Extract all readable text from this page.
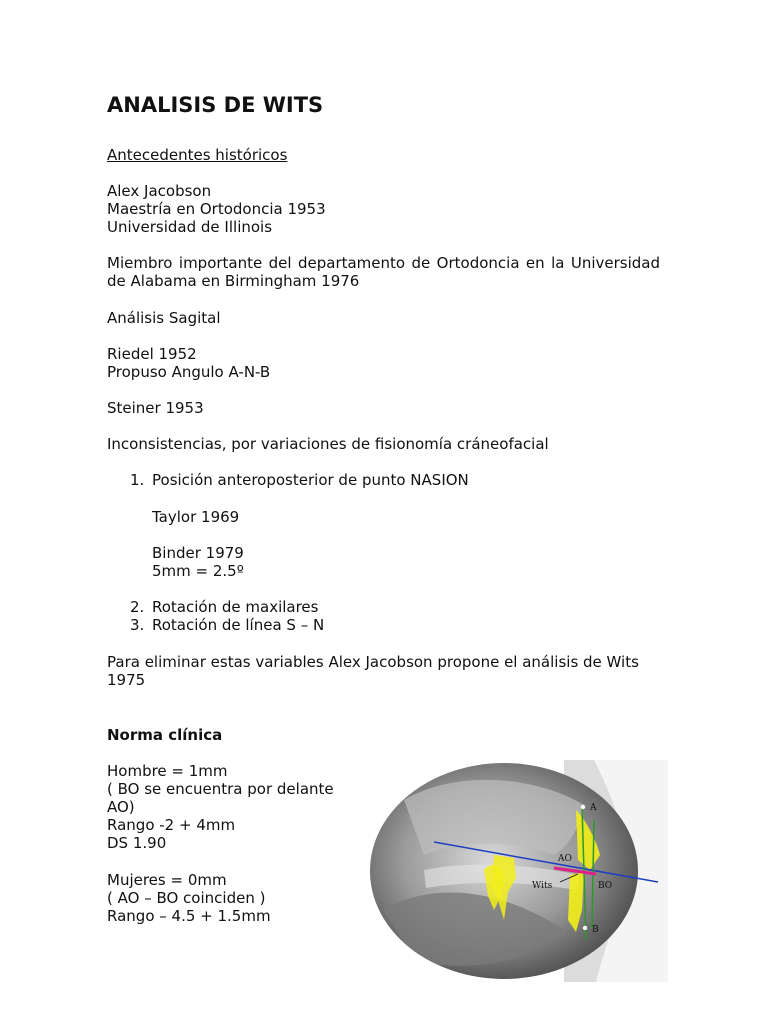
ANALISIS DE WITS
Antecedentes históricos
Alex Jacobson
Maestría en Ortodoncia 1953
Universidad de Illinois
Miembro importante del departamento de Ortodoncia en la Universidad
de Alabama en Birmingham 1976
Análisis Sagital
Riedel 1952
Propuso Angulo A-N-B
Steiner 1953
Inconsistencias, por variaciones de fisionomía cráneofacial
1. Posición anteroposterior de punto NASION
Taylor 1969
Binder 1979
5mm = 2.5º
2. Rotación de maxilares
3. Rotación de línea S – N
Para eliminar estas variables Alex Jacobson propone el análisis de Wits
1975
Norma clínica
Hombre = 1mm
( BO se encuentra por delante
AO)
Rango -2 + 4mm
DS 1.90
Mujeres = 0mm
( AO – BO coinciden )
Rango – 4.5 + 1.5mm
A
AO
Wits	BO
B
